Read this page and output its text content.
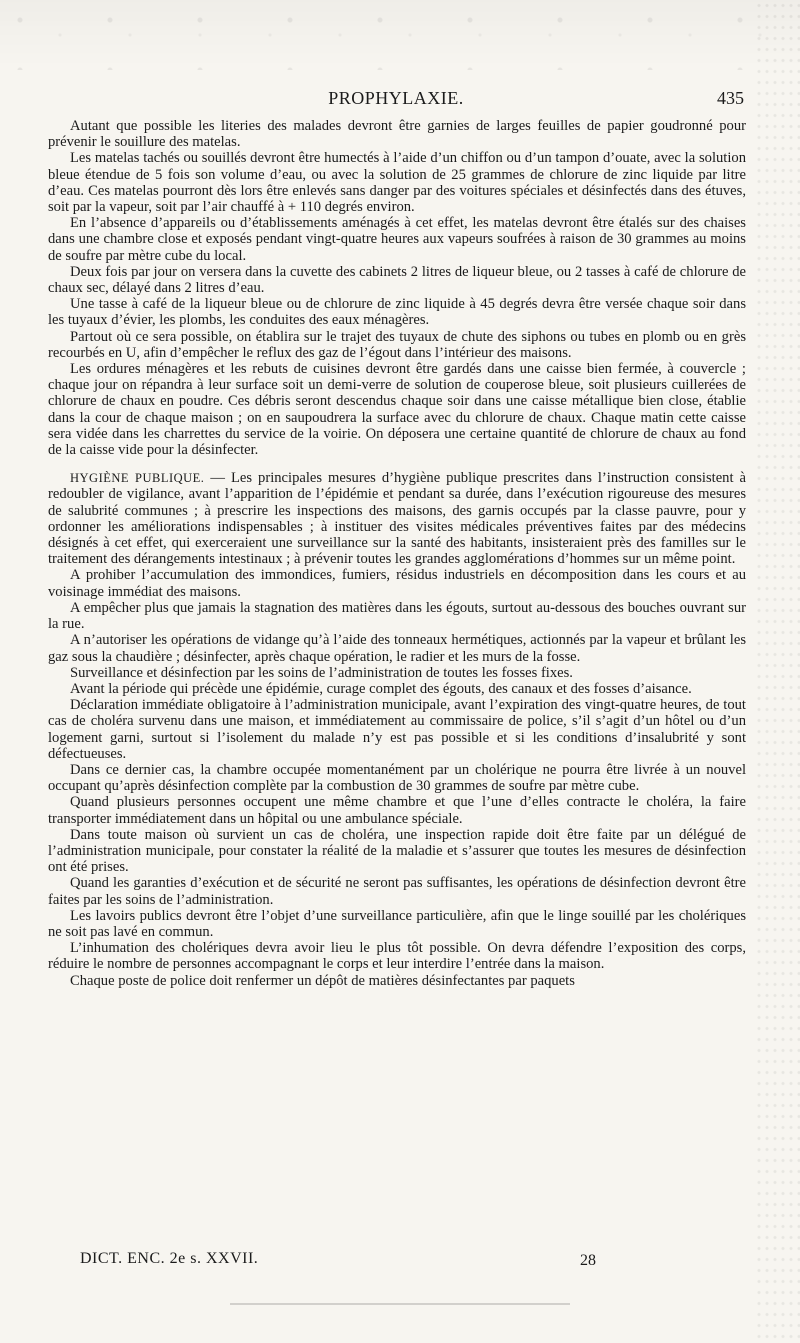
PROPHYLAXIE.	435

Autant que possible les literies des malades devront être garnies de larges feuilles de papier goudronné pour prévenir le souillure des matelas.

Les matelas tachés ou souillés devront être humectés à l’aide d’un chiffon ou d’un tampon d’ouate, avec la solution bleue étendue de 5 fois son volume d’eau, ou avec la solution de 25 grammes de chlorure de zinc liquide par litre d’eau. Ces matelas pourront dès lors être enlevés sans danger par des voitures spéciales et désinfectés dans des étuves, soit par la vapeur, soit par l’air chauffé à + 110 degrés environ.

En l’absence d’appareils ou d’établissements aménagés à cet effet, les matelas devront être étalés sur des chaises dans une chambre close et exposés pendant vingt-quatre heures aux vapeurs soufrées à raison de 30 grammes au moins de soufre par mètre cube du local.

Deux fois par jour on versera dans la cuvette des cabinets 2 litres de liqueur bleue, ou 2 tasses à café de chlorure de chaux sec, délayé dans 2 litres d’eau.

Une tasse à café de la liqueur bleue ou de chlorure de zinc liquide à 45 degrés devra être versée chaque soir dans les tuyaux d’évier, les plombs, les conduites des eaux ménagères.

Partout où ce sera possible, on établira sur le trajet des tuyaux de chute des siphons ou tubes en plomb ou en grès recourbés en U, afin d’empêcher le reflux des gaz de l’égout dans l’intérieur des maisons.

Les ordures ménagères et les rebuts de cuisines devront être gardés dans une caisse bien fermée, à couvercle ; chaque jour on répandra à leur surface soit un demi-verre de solution de couperose bleue, soit plusieurs cuillerées de chlorure de chaux en poudre. Ces débris seront descendus chaque soir dans une caisse métallique bien close, établie dans la cour de chaque maison ; on en saupoudrera la surface avec du chlorure de chaux. Chaque matin cette caisse sera vidée dans les charrettes du service de la voirie. On déposera une certaine quantité de chlorure de chaux au fond de la caisse vide pour la désinfecter.

HYGIÈNE PUBLIQUE. — Les principales mesures d’hygiène publique prescrites dans l’instruction consistent à redoubler de vigilance, avant l’apparition de l’épidémie et pendant sa durée, dans l’exécution rigoureuse des mesures de salubrité communes ; à prescrire les inspections des maisons, des garnis occupés par la classe pauvre, pour y ordonner les améliorations indispensables ; à instituer des visites médicales préventives faites par des médecins désignés à cet effet, qui exerceraient une surveillance sur la santé des habitants, insisteraient près des familles sur le traitement des dérangements intestinaux ; à prévenir toutes les grandes agglomérations d’hommes sur un même point.

A prohiber l’accumulation des immondices, fumiers, résidus industriels en décomposition dans les cours et au voisinage immédiat des maisons.

A empêcher plus que jamais la stagnation des matières dans les égouts, surtout au-dessous des bouches ouvrant sur la rue.

A n’autoriser les opérations de vidange qu’à l’aide des tonneaux hermétiques, actionnés par la vapeur et brûlant les gaz sous la chaudière ; désinfecter, après chaque opération, le radier et les murs de la fosse.

Surveillance et désinfection par les soins de l’administration de toutes les fosses fixes.

Avant la période qui précède une épidémie, curage complet des égouts, des canaux et des fosses d’aisance.

Déclaration immédiate obligatoire à l’administration municipale, avant l’expiration des vingt-quatre heures, de tout cas de choléra survenu dans une maison, et immédiatement au commissaire de police, s’il s’agit d’un hôtel ou d’un logement garni, surtout si l’isolement du malade n’y est pas possible et si les conditions d’insalubrité y sont défectueuses.

Dans ce dernier cas, la chambre occupée momentanément par un cholérique ne pourra être livrée à un nouvel occupant qu’après désinfection complète par la combustion de 30 grammes de soufre par mètre cube.

Quand plusieurs personnes occupent une même chambre et que l’une d’elles contracte le choléra, la faire transporter immédiatement dans un hôpital ou une ambulance spéciale.

Dans toute maison où survient un cas de choléra, une inspection rapide doit être faite par un délégué de l’administration municipale, pour constater la réalité de la maladie et s’assurer que toutes les mesures de désinfection ont été prises.

Quand les garanties d’exécution et de sécurité ne seront pas suffisantes, les opérations de désinfection devront être faites par les soins de l’administration.

Les lavoirs publics devront être l’objet d’une surveillance particulière, afin que le linge souillé par les cholériques ne soit pas lavé en commun.

L’inhumation des cholériques devra avoir lieu le plus tôt possible. On devra défendre l’exposition des corps, réduire le nombre de personnes accompagnant le corps et leur interdire l’entrée dans la maison.

Chaque poste de police doit renfermer un dépôt de matières désinfectantes par paquets

DICT. ENC. 2e s. XXVII.	28
